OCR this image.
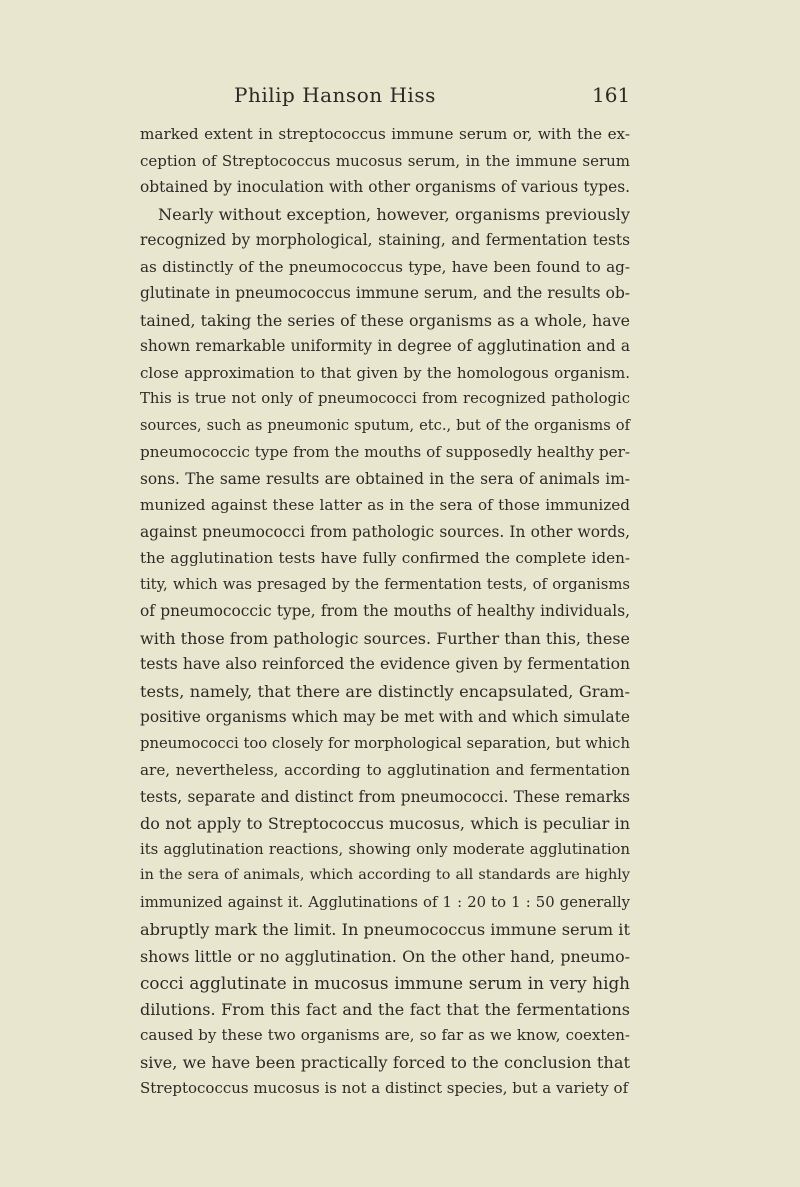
Philip Hanson Hiss	161
marked extent in streptococcus immune serum or, with the ex-
ception of Streptococcus mucosus serum, in the immune serum
obtained by inoculation with other organisms of various types.
Nearly without exception, however, organisms previously
recognized by morphological, staining, and fermentation tests
as distinctly of the pneumococcus type, have been found to ag-
glutinate in pneumococcus immune serum, and the results ob-
tained, taking the series of these organisms as a whole, have
shown remarkable uniformity in degree of agglutination and a
close approximation to that given by the homologous organism.
This is true not only of pneumococci from recognized pathologic
sources, such as pneumonic sputum, etc., but of the organisms of
pneumococcic type from the mouths of supposedly healthy per-
sons. The same results are obtained in the sera of animals im-
munized against these latter as in the sera of those immunized
against pneumococci from pathologic sources. In other words,
the agglutination tests have fully confirmed the complete iden-
tity, which was presaged by the fermentation tests, of organisms
of pneumococcic type, from the mouths of healthy individuals,
with those from pathologic sources. Further than this, these
tests have also reinforced the evidence given by fermentation
tests, namely, that there are distinctly encapsulated, Gram-
positive organisms which may be met with and which simulate
pneumococci too closely for morphological separation, but which
are, nevertheless, according to agglutination and fermentation
tests, separate and distinct from pneumococci. These remarks
do not apply to Streptococcus mucosus, which is peculiar in
its agglutination reactions, showing only moderate agglutination
in the sera of animals, which according to all standards are highly
immunized against it. Agglutinations of 1 : 20 to 1 : 50 generally
abruptly mark the limit. In pneumococcus immune serum it
shows little or no agglutination. On the other hand, pneumo-
cocci agglutinate in mucosus immune serum in very high
dilutions. From this fact and the fact that the fermentations
caused by these two organisms are, so far as we know, coexten-
sive, we have been practically forced to the conclusion that
Streptococcus mucosus is not a distinct species, but a variety of
